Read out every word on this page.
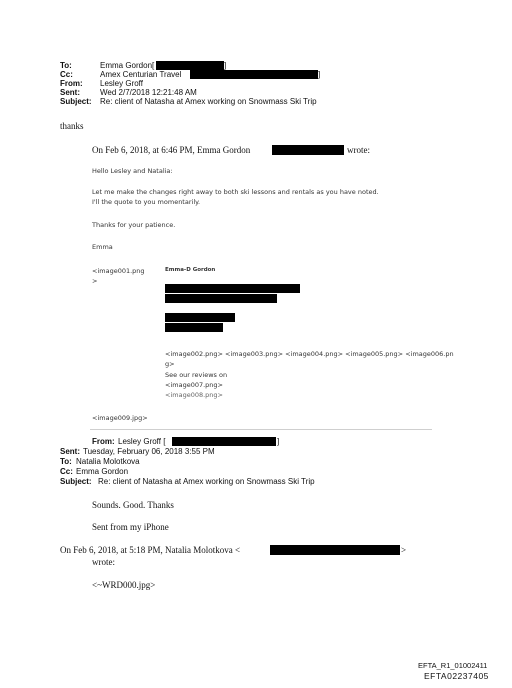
To:	Emma Gordon[	]
Cc:	Amex Centurian Travel	]
From: Lesley Groff
Sent:	Wed 2/7/2018 12:21:48 AM
Subject: Re: client of Natasha at Amex working on Snowmass Ski Trip
thanks
On Feb 6, 2018, at 6:46 PM, Emma Gordon	wrote:
Hello Lesley and Natalia:
Let me make the changes right away to both ski lessons and rentals as you have noted.
I'll the quote to you momentarily.
Thanks for your patience.
Emma
<image001.png
>
Emma-D Gordon
<image002.png> <image003.png> <image004.png> <image005.png> <image006.pn
g>
See our reviews on
<image007.png>
<image008.png>
<image009.jpg>
From: Lesley Groff [	]
Sent: Tuesday, February 06, 2018 3:55 PM
To: Natalia Molotkova
Cc: Emma Gordon
Subject: Re: client of Natasha at Amex working on Snowmass Ski Trip
Sounds. Good. Thanks
Sent from my iPhone
On Feb 6, 2018, at 5:18 PM, Natalia Molotkova <	>
wrote:
<~WRD000.jpg>
EFTA_R1_01002411
EFTA02237405
